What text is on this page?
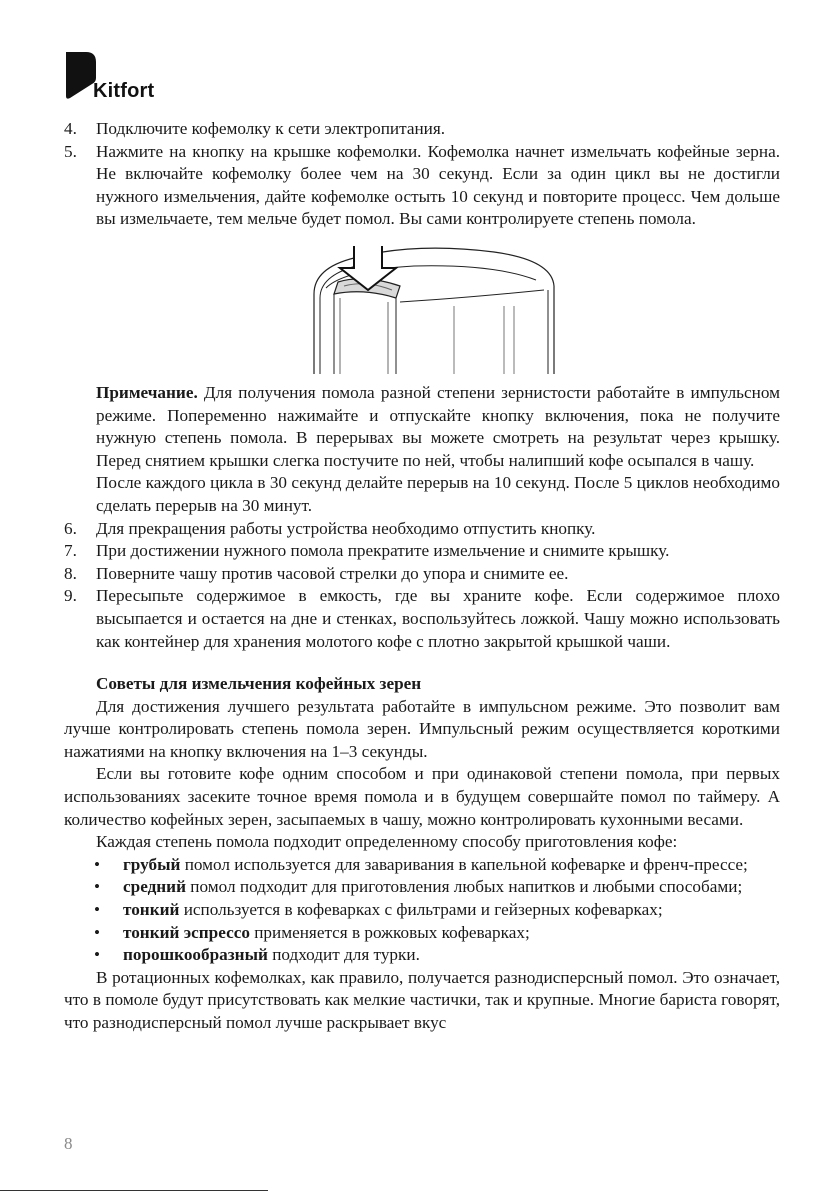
Kitfort
4. Подключите кофемолку к сети электропитания.
5. Нажмите на кнопку на крышке кофемолки. Кофемолка начнет измельчать кофейные зерна. Не включайте кофемолку более чем на 30 секунд. Если за один цикл вы не достигли нужного измельчения, дайте кофемолке остыть 10 секунд и повторите процесс. Чем дольше вы измельчаете, тем мельче будет помол. Вы сами контролируете степень помола.
Примечание. Для получения помола разной степени зернистости работайте в импульсном режиме. Попеременно нажимайте и отпускайте кнопку включения, пока не получите нужную степень помола. В перерывах вы можете смотреть на результат через крышку. Перед снятием крышки слегка постучите по ней, чтобы налипший кофе осыпался в чашу.
После каждого цикла в 30 секунд делайте перерыв на 10 секунд. После 5 циклов необходимо сделать перерыв на 30 минут.
6. Для прекращения работы устройства необходимо отпустить кнопку.
7. При достижении нужного помола прекратите измельчение и снимите крышку.
8. Поверните чашу против часовой стрелки до упора и снимите ее.
9. Пересыпьте содержимое в емкость, где вы храните кофе. Если содержимое плохо высыпается и остается на дне и стенках, воспользуйтесь ложкой. Чашу можно использовать как контейнер для хранения молотого кофе с плотно закрытой крышкой чаши.
Советы для измельчения кофейных зерен
Для достижения лучшего результата работайте в импульсном режиме. Это позволит вам лучше контролировать степень помола зерен. Импульсный режим осуществляется короткими нажатиями на кнопку включения на 1–3 секунды.
Если вы готовите кофе одним способом и при одинаковой степени помола, при первых использованиях засеките точное время помола и в будущем совершайте помол по таймеру. А количество кофейных зерен, засыпаемых в чашу, можно контролировать кухонными весами.
Каждая степень помола подходит определенному способу приготовления кофе:
• грубый помол используется для заваривания в капельной кофеварке и френч-прессе;
• средний помол подходит для приготовления любых напитков и любыми способами;
• тонкий используется в кофеварках с фильтрами и гейзерных кофеварках;
• тонкий эспрессо применяется в рожковых кофеварках;
• порошкообразный подходит для турки.
В ротационных кофемолках, как правило, получается разнодисперсный помол. Это означает, что в помоле будут присутствовать как мелкие частички, так и крупные. Многие бариста говорят, что разнодисперсный помол лучше раскрывает вкус
8
